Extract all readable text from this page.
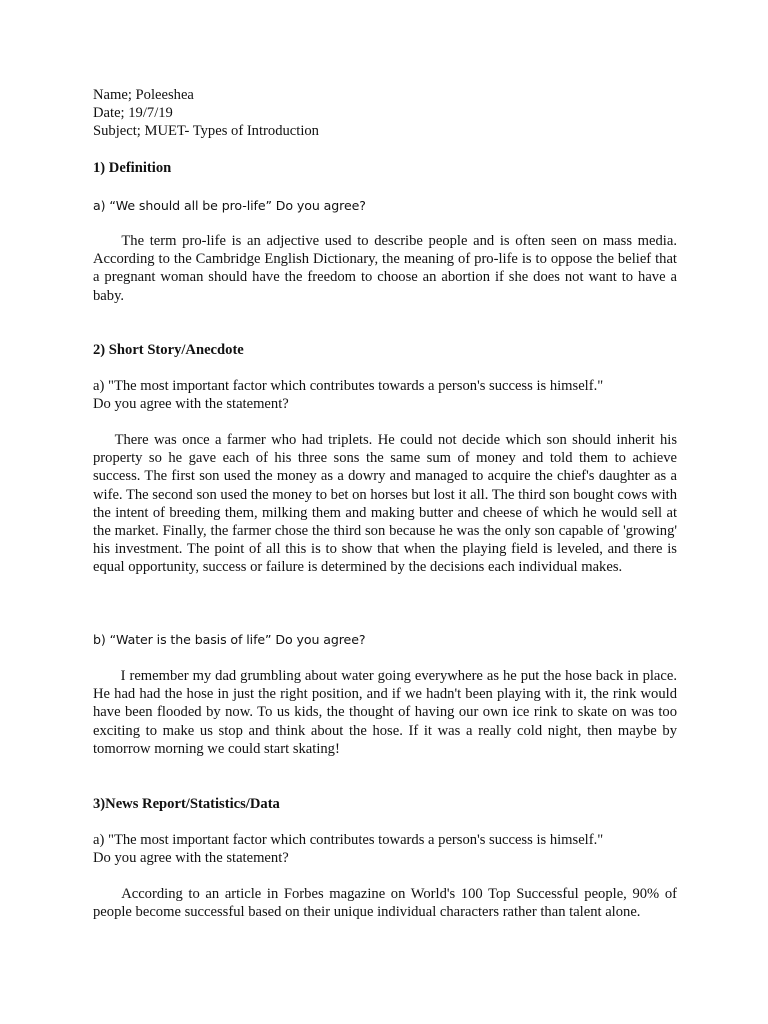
Name; Poleeshea
Date; 19/7/19
Subject; MUET- Types of Introduction
1) Definition
a) “We should all be pro-life” Do you agree?

The term pro-life is an adjective used to describe people and is often seen on mass media. According to the Cambridge English Dictionary, the meaning of pro-life is to oppose the belief that a pregnant woman should have the freedom to choose an abortion if she does not want to have a baby.

2) Short Story/Anecdote
a) "The most important factor which contributes towards a person's success is himself."
Do you agree with the statement?

There was once a farmer who had triplets. He could not decide which son should inherit his property so he gave each of his three sons the same sum of money and told them to achieve success. The first son used the money as a dowry and managed to acquire the chief's daughter as a wife. The second son used the money to bet on horses but lost it all. The third son bought cows with the intent of breeding them, milking them and making butter and cheese of which he would sell at the market. Finally, the farmer chose the third son because he was the only son capable of 'growing' his investment. The point of all this is to show that when the playing field is leveled, and there is equal opportunity, success or failure is determined by the decisions each individual makes.

b) “Water is the basis of life” Do you agree?

I remember my dad grumbling about water going everywhere as he put the hose back in place. He had had the hose in just the right position, and if we hadn't been playing with it, the rink would have been flooded by now. To us kids, the thought of having our own ice rink to skate on was too exciting to make us stop and think about the hose. If it was a really cold night, then maybe by tomorrow morning we could start skating!

3)News Report/Statistics/Data
a) "The most important factor which contributes towards a person's success is himself."
Do you agree with the statement?

According to an article in Forbes magazine on World's 100 Top Successful people, 90% of people become successful based on their unique individual characters rather than talent alone.
